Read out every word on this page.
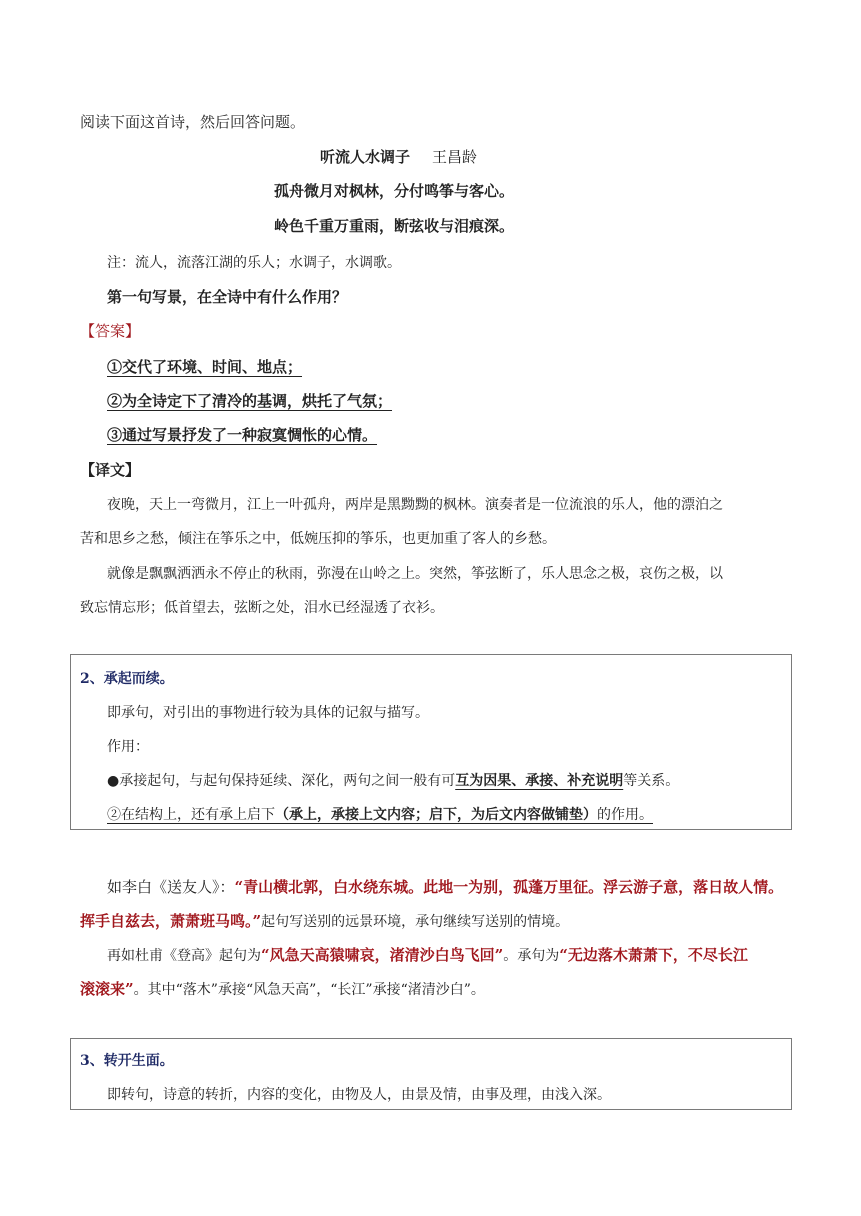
阅读下面这首诗，然后回答问题。
听流人水调子 王昌龄
孤舟微月对枫林，分付鸣筝与客心。
岭色千重万重雨，断弦收与泪痕深。
注：流人，流落江湖的乐人；水调子，水调歌。
第一句写景，在全诗中有什么作用？
【答案】
①交代了环境、时间、地点；
②为全诗定下了清冷的基调，烘托了气氛；
③通过写景抒发了一种寂寞惆怅的心情。
【译文】
夜晚，天上一弯微月，江上一叶孤舟，两岸是黑黝黝的枫林。演奏者是一位流浪的乐人，他的漂泊之
苦和思乡之愁，倾注在筝乐之中，低婉压抑的筝乐，也更加重了客人的乡愁。
就像是飘飘洒洒永不停止的秋雨，弥漫在山岭之上。突然，筝弦断了，乐人思念之极，哀伤之极，以
致忘情忘形；低首望去，弦断之处，泪水已经湿透了衣衫。
2、承起而续。
即承句，对引出的事物进行较为具体的记叙与描写。
作用：
●承接起句，与起句保持延续、深化，两句之间一般有可互为因果、承接、补充说明等关系。
②在结构上，还有承上启下（承上，承接上文内容；启下，为后文内容做铺垫）的作用。
如李白《送友人》：“青山横北郭，白水绕东城。此地一为别，孤蓬万里征。浮云游子意，落日故人情。
挥手自兹去，萧萧班马鸣。”起句写送别的远景环境，承句继续写送别的情境。
再如杜甫《登高》起句为“风急天高猿啸哀，渚清沙白鸟飞回”。承句为“无边落木萧萧下，不尽长江
滚滚来”。其中“落木”承接“风急天高”，“长江”承接“渚清沙白”。
3、转开生面。
即转句，诗意的转折，内容的变化，由物及人，由景及情，由事及理，由浅入深。
